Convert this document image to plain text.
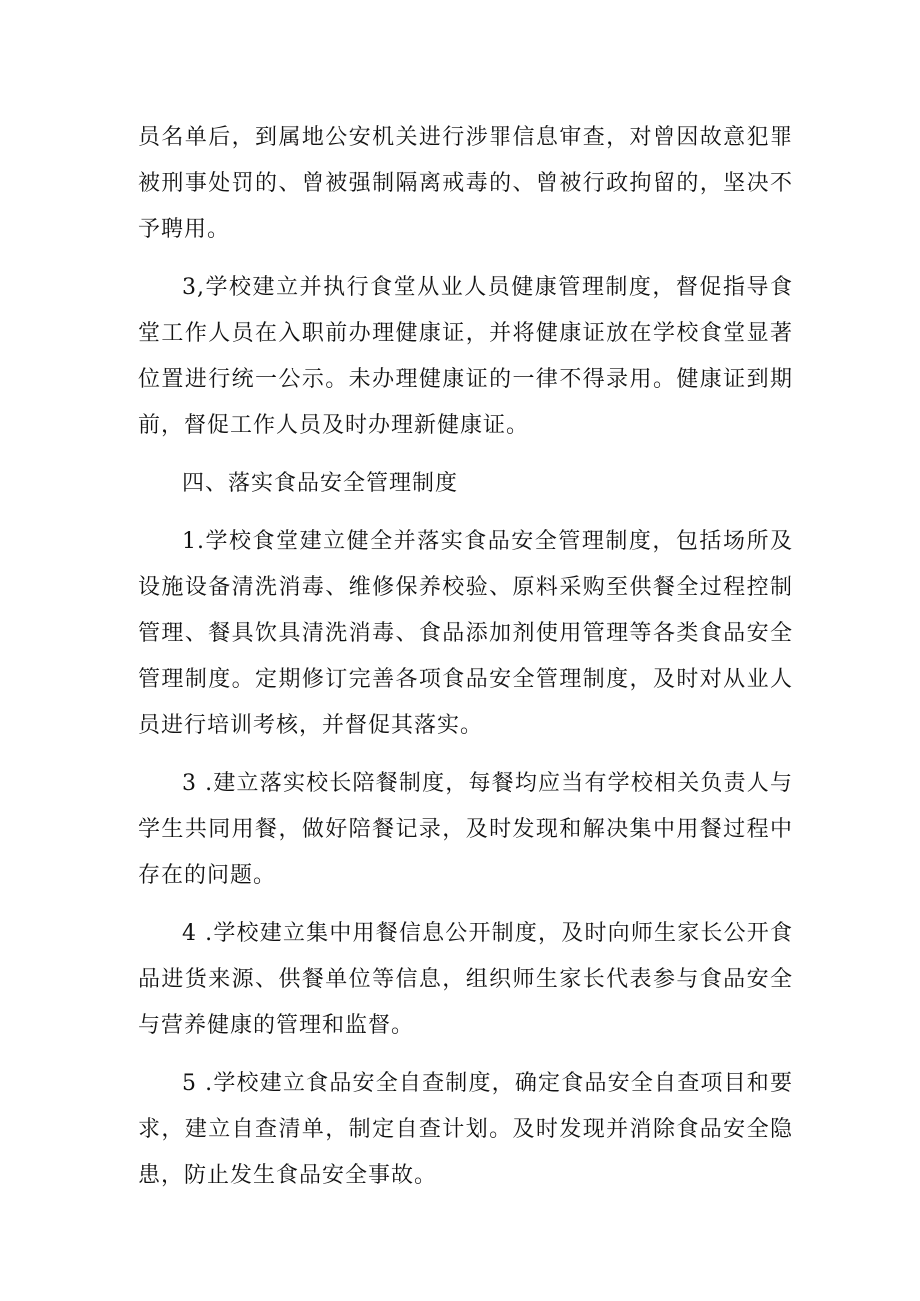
员名单后，到属地公安机关进行涉罪信息审查，对曾因故意犯罪被刑事处罚的、曾被强制隔离戒毒的、曾被行政拘留的，坚决不予聘用。

3,学校建立并执行食堂从业人员健康管理制度，督促指导食堂工作人员在入职前办理健康证，并将健康证放在学校食堂显著位置进行统一公示。未办理健康证的一律不得录用。健康证到期前，督促工作人员及时办理新健康证。

四、落实食品安全管理制度

1.学校食堂建立健全并落实食品安全管理制度，包括场所及设施设备清洗消毒、维修保养校验、原料采购至供餐全过程控制管理、餐具饮具清洗消毒、食品添加剂使用管理等各类食品安全管理制度。定期修订完善各项食品安全管理制度，及时对从业人员进行培训考核，并督促其落实。

3 .建立落实校长陪餐制度，每餐均应当有学校相关负责人与学生共同用餐，做好陪餐记录，及时发现和解决集中用餐过程中存在的问题。

4 .学校建立集中用餐信息公开制度，及时向师生家长公开食品进货来源、供餐单位等信息，组织师生家长代表参与食品安全与营养健康的管理和监督。

5 .学校建立食品安全自查制度，确定食品安全自查项目和要求，建立自查清单，制定自查计划。及时发现并消除食品安全隐患，防止发生食品安全事故。
